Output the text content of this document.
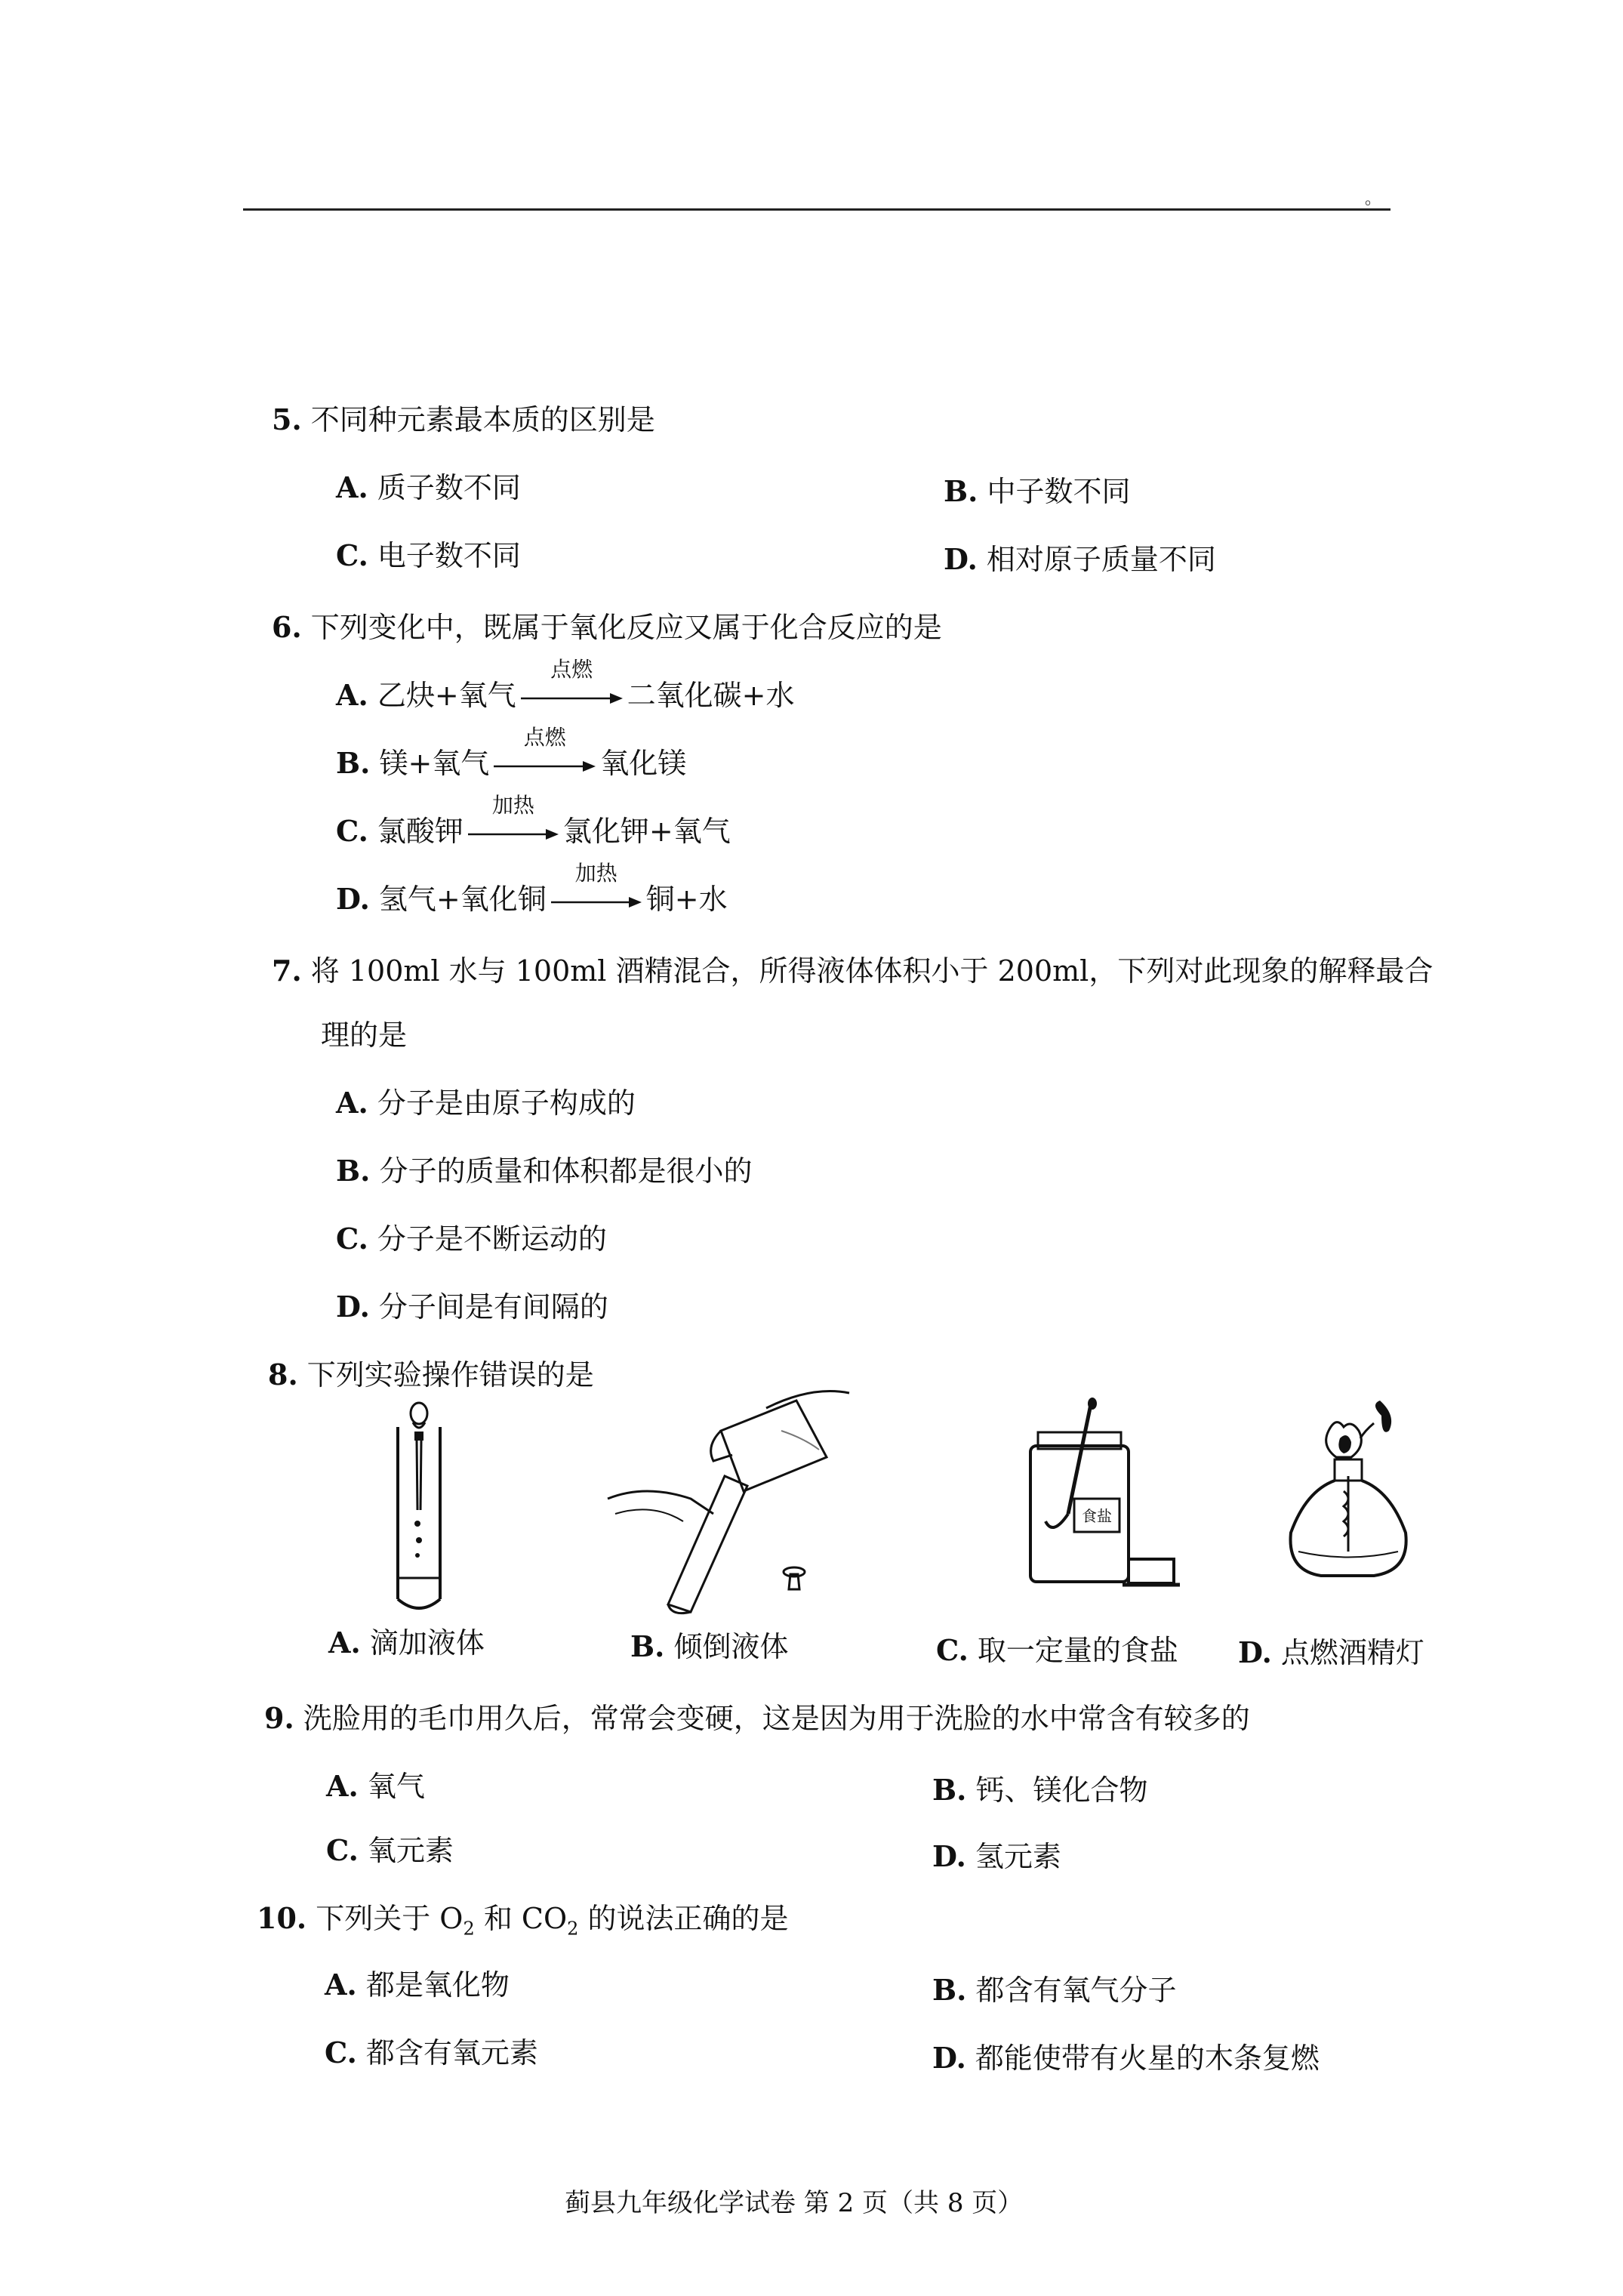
。
5. 不同种元素最本质的区别是
A. 质子数不同	B. 中子数不同
C. 电子数不同	D. 相对原子质量不同
6. 下列变化中，既属于氧化反应又属于化合反应的是
A. 乙炔+氧气
点燃
二氧化碳+水
B. 镁+氧气
点燃
氧化镁
C. 氯酸钾
加热
氯化钾+氧气
D. 氢气+氧化铜
加热
铜+水
7. 将 100ml 水与 100ml 酒精混合，所得液体体积小于 200ml，下列对此现象的解释最合
理的是
A. 分子是由原子构成的
B. 分子的质量和体积都是很小的
C. 分子是不断运动的
D. 分子间是有间隔的
8. 下列实验操作错误的是
食盐
A. 滴加液体	B. 倾倒液体	C. 取一定量的食盐 D. 点燃酒精灯
9. 洗脸用的毛巾用久后，常常会变硬，这是因为用于洗脸的水中常含有较多的
A. 氧气	B. 钙、镁化合物
C. 氧元素	D. 氢元素
10. 下列关于 $O_2$ 和 $CO_2$ 的说法正确的是
A. 都是氧化物	B. 都含有氧气分子
C. 都含有氧元素	D. 都能使带有火星的木条复燃
蓟县九年级化学试卷 第 2 页（共 8 页）
